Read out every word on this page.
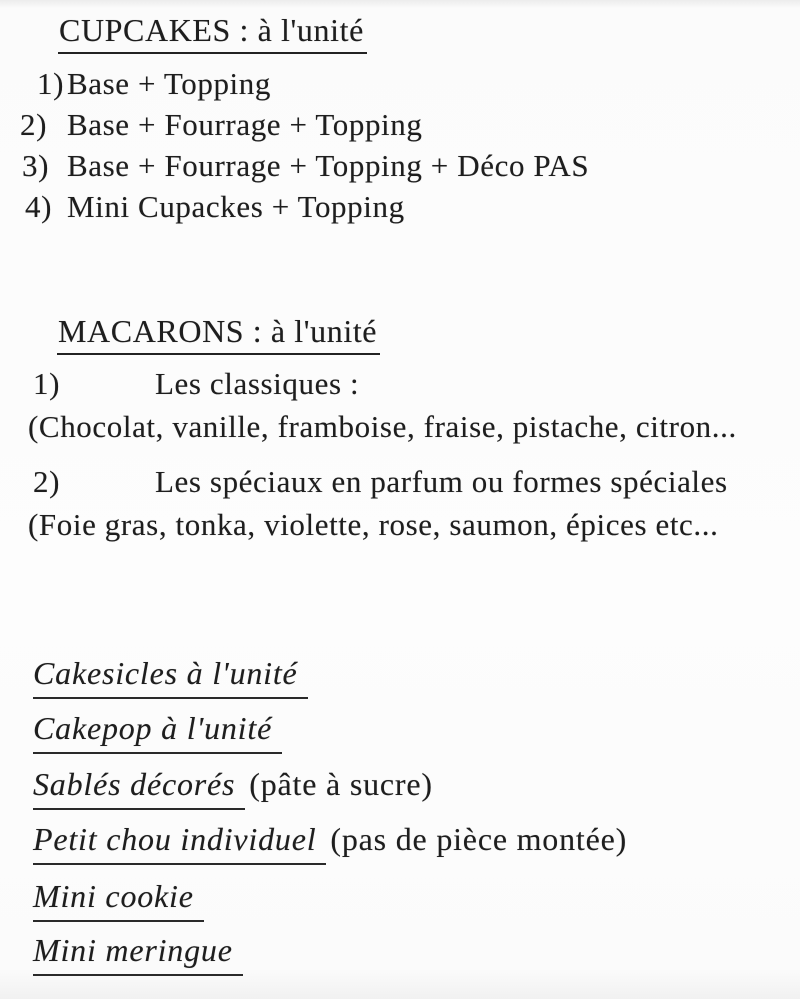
CUPCAKES : à l'unité
1) Base + Topping
2) Base + Fourrage + Topping
3) Base + Fourrage + Topping + Déco PAS
4) Mini Cupackes + Topping
MACARONS : à l'unité
1)	Les classiques :
(Chocolat, vanille, framboise, fraise, pistache, citron...
2)	Les spéciaux en parfum ou formes spéciales
(Foie gras, tonka, violette, rose, saumon, épices etc...
Cakesicles à l'unité
Cakepop à l'unité
Sablés décorés (pâte à sucre)
Petit chou individuel (pas de pièce montée)
Mini cookie
Mini meringue
